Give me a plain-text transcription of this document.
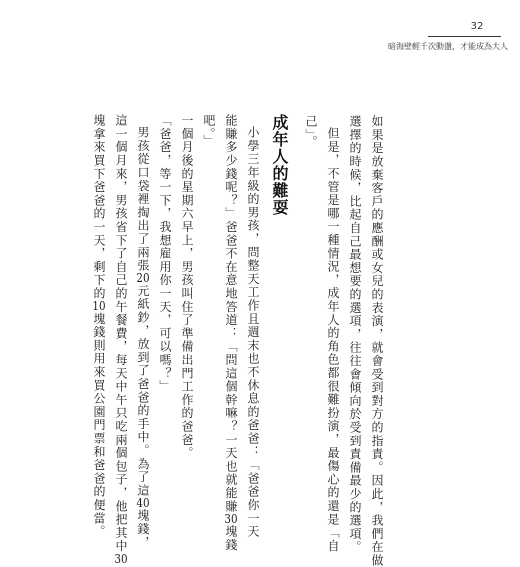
32
暗海壁輕千次動盪，才能成為大人
如果是放棄客戶的應酬或女兒的表演，就會受到對方的指責。因此，我們在做
選擇的時候，比起自己最想要的選項，往往會傾向於受到責備最少的選項。
但是，不管是哪一種情況，成年人的角色都很難扮演，最傷心的還是「自
己」。
成年人的難耍
小學三年級的男孩，問整天工作且週末也不休息的爸爸：「爸爸你一天
能賺多少錢呢？」爸爸不在意地答道：「問這個幹嘛？一天也就能賺30塊錢
吧。」
一個月後的星期六早上，男孩叫住了準備出門工作的爸爸。
「爸爸，等一下，我想雇用你一天，可以嗎？」
男孩從口袋裡掏出了兩張20元紙鈔，放到了爸爸的手中。為了這40塊錢，
這一個月來，男孩省下了自己的午餐費，每天中午只吃兩個包子，他把其中30
塊拿來買下爸爸的一天，剩下的10塊錢則用來買公園門票和爸爸的便當。
